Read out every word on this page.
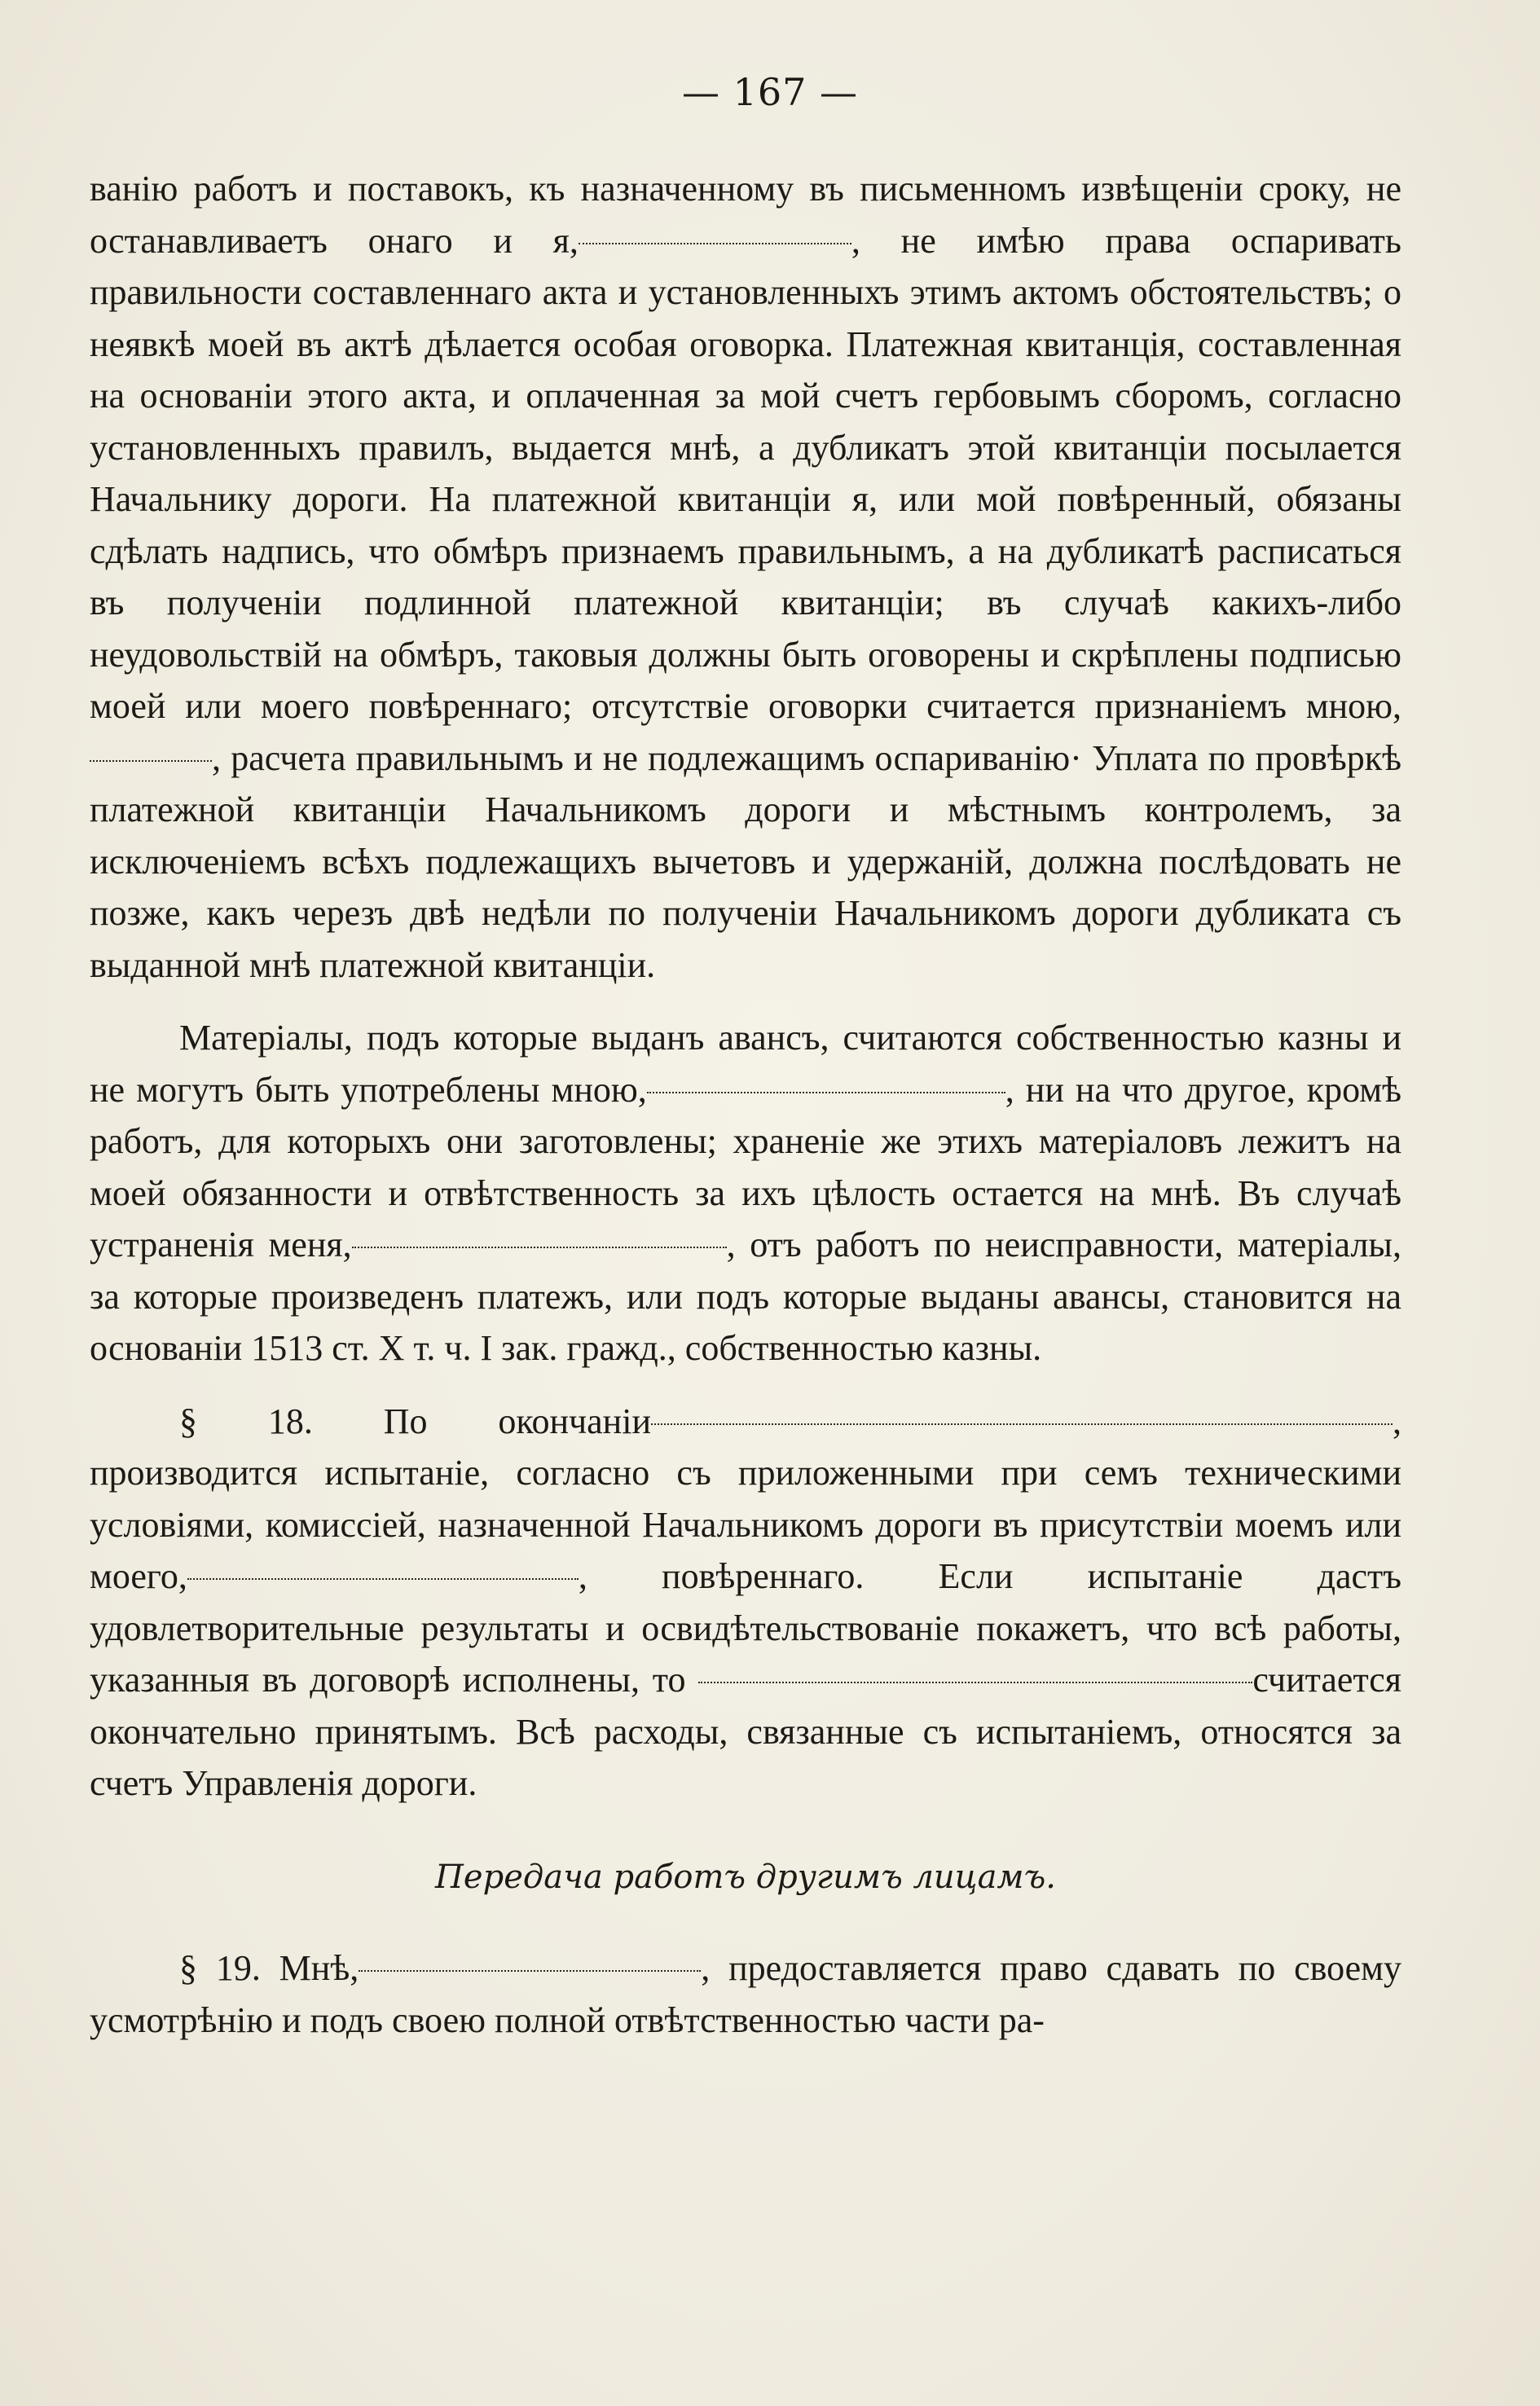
— 167 —

ванію работъ и поставокъ, къ назначенному въ письменномъ извѣщеніи сроку, не останавливаетъ онаго и я,	, не имѣю права оспаривать правильности составленнаго акта и установленныхъ этимъ актомъ обстоятельствъ; о неявкѣ моей въ актѣ дѣлается особая оговорка. Платежная квитанція, составленная на основаніи этого акта, и оплаченная за мой счетъ гербовымъ сборомъ, согласно установленныхъ правилъ, выдается мнѣ, а дубликатъ этой квитанціи посылается Начальнику дороги. На платежной квитанціи я, или мой повѣренный, обязаны сдѣлать надпись, что обмѣръ признаемъ правильнымъ, а на дубликатѣ расписаться въ полученіи подлинной платежной квитанціи; въ случаѣ какихъ-либо неудовольствій на обмѣръ, таковыя должны быть оговорены и скрѣплены подписью моей или моего повѣреннаго; отсутствіе оговорки считается признаніемъ мною,, расчета правильнымъ и не подлежащимъ оспариванію· Уплата по провѣркѣ платежной квитанціи Начальникомъ дороги и мѣстнымъ контролемъ, за исключеніемъ всѣхъ подлежащихъ вычетовъ и удержаній, должна послѣдовать не позже, какъ черезъ двѣ недѣли по полученіи Начальникомъ дороги дубликата съ выданной мнѣ платежной квитанціи.

Матеріалы, подъ которые выданъ авансъ, считаются собственностью казны и не могутъ быть употреблены мною,	, ни на что другое, кромѣ работъ, для которыхъ они заготовлены; храненіе же этихъ матеріаловъ лежитъ на моей обязанности и отвѣтственность за ихъ цѣлость остается на мнѣ. Въ случаѣ устраненія меня,	, отъ работъ по неисправности, матеріалы, за которые произведенъ платежъ, или подъ которые выданы авансы, становится на основаніи 1513 ст. X т. ч. I зак. гражд., собственностью казны.

§ 18. По окончаніи	, производится испытаніе, согласно съ приложенными при семъ техническими условіями, комиссіей, назначенной Начальникомъ дороги въ присутствіи моемъ или моего,	, повѣреннаго. Если испытаніе дастъ удовлетворительные результаты и освидѣтельствованіе покажетъ, что всѣ работы, указанныя въ договорѣ исполнены, то	считается окончательно принятымъ. Всѣ расходы, связанные съ испытаніемъ, относятся за счетъ Управленія дороги.

Передача работъ другимъ лицамъ.

§ 19. Мнѣ,	, предоставляется право сдавать по своему усмотрѣнію и подъ своею полной отвѣтственностью части ра-
